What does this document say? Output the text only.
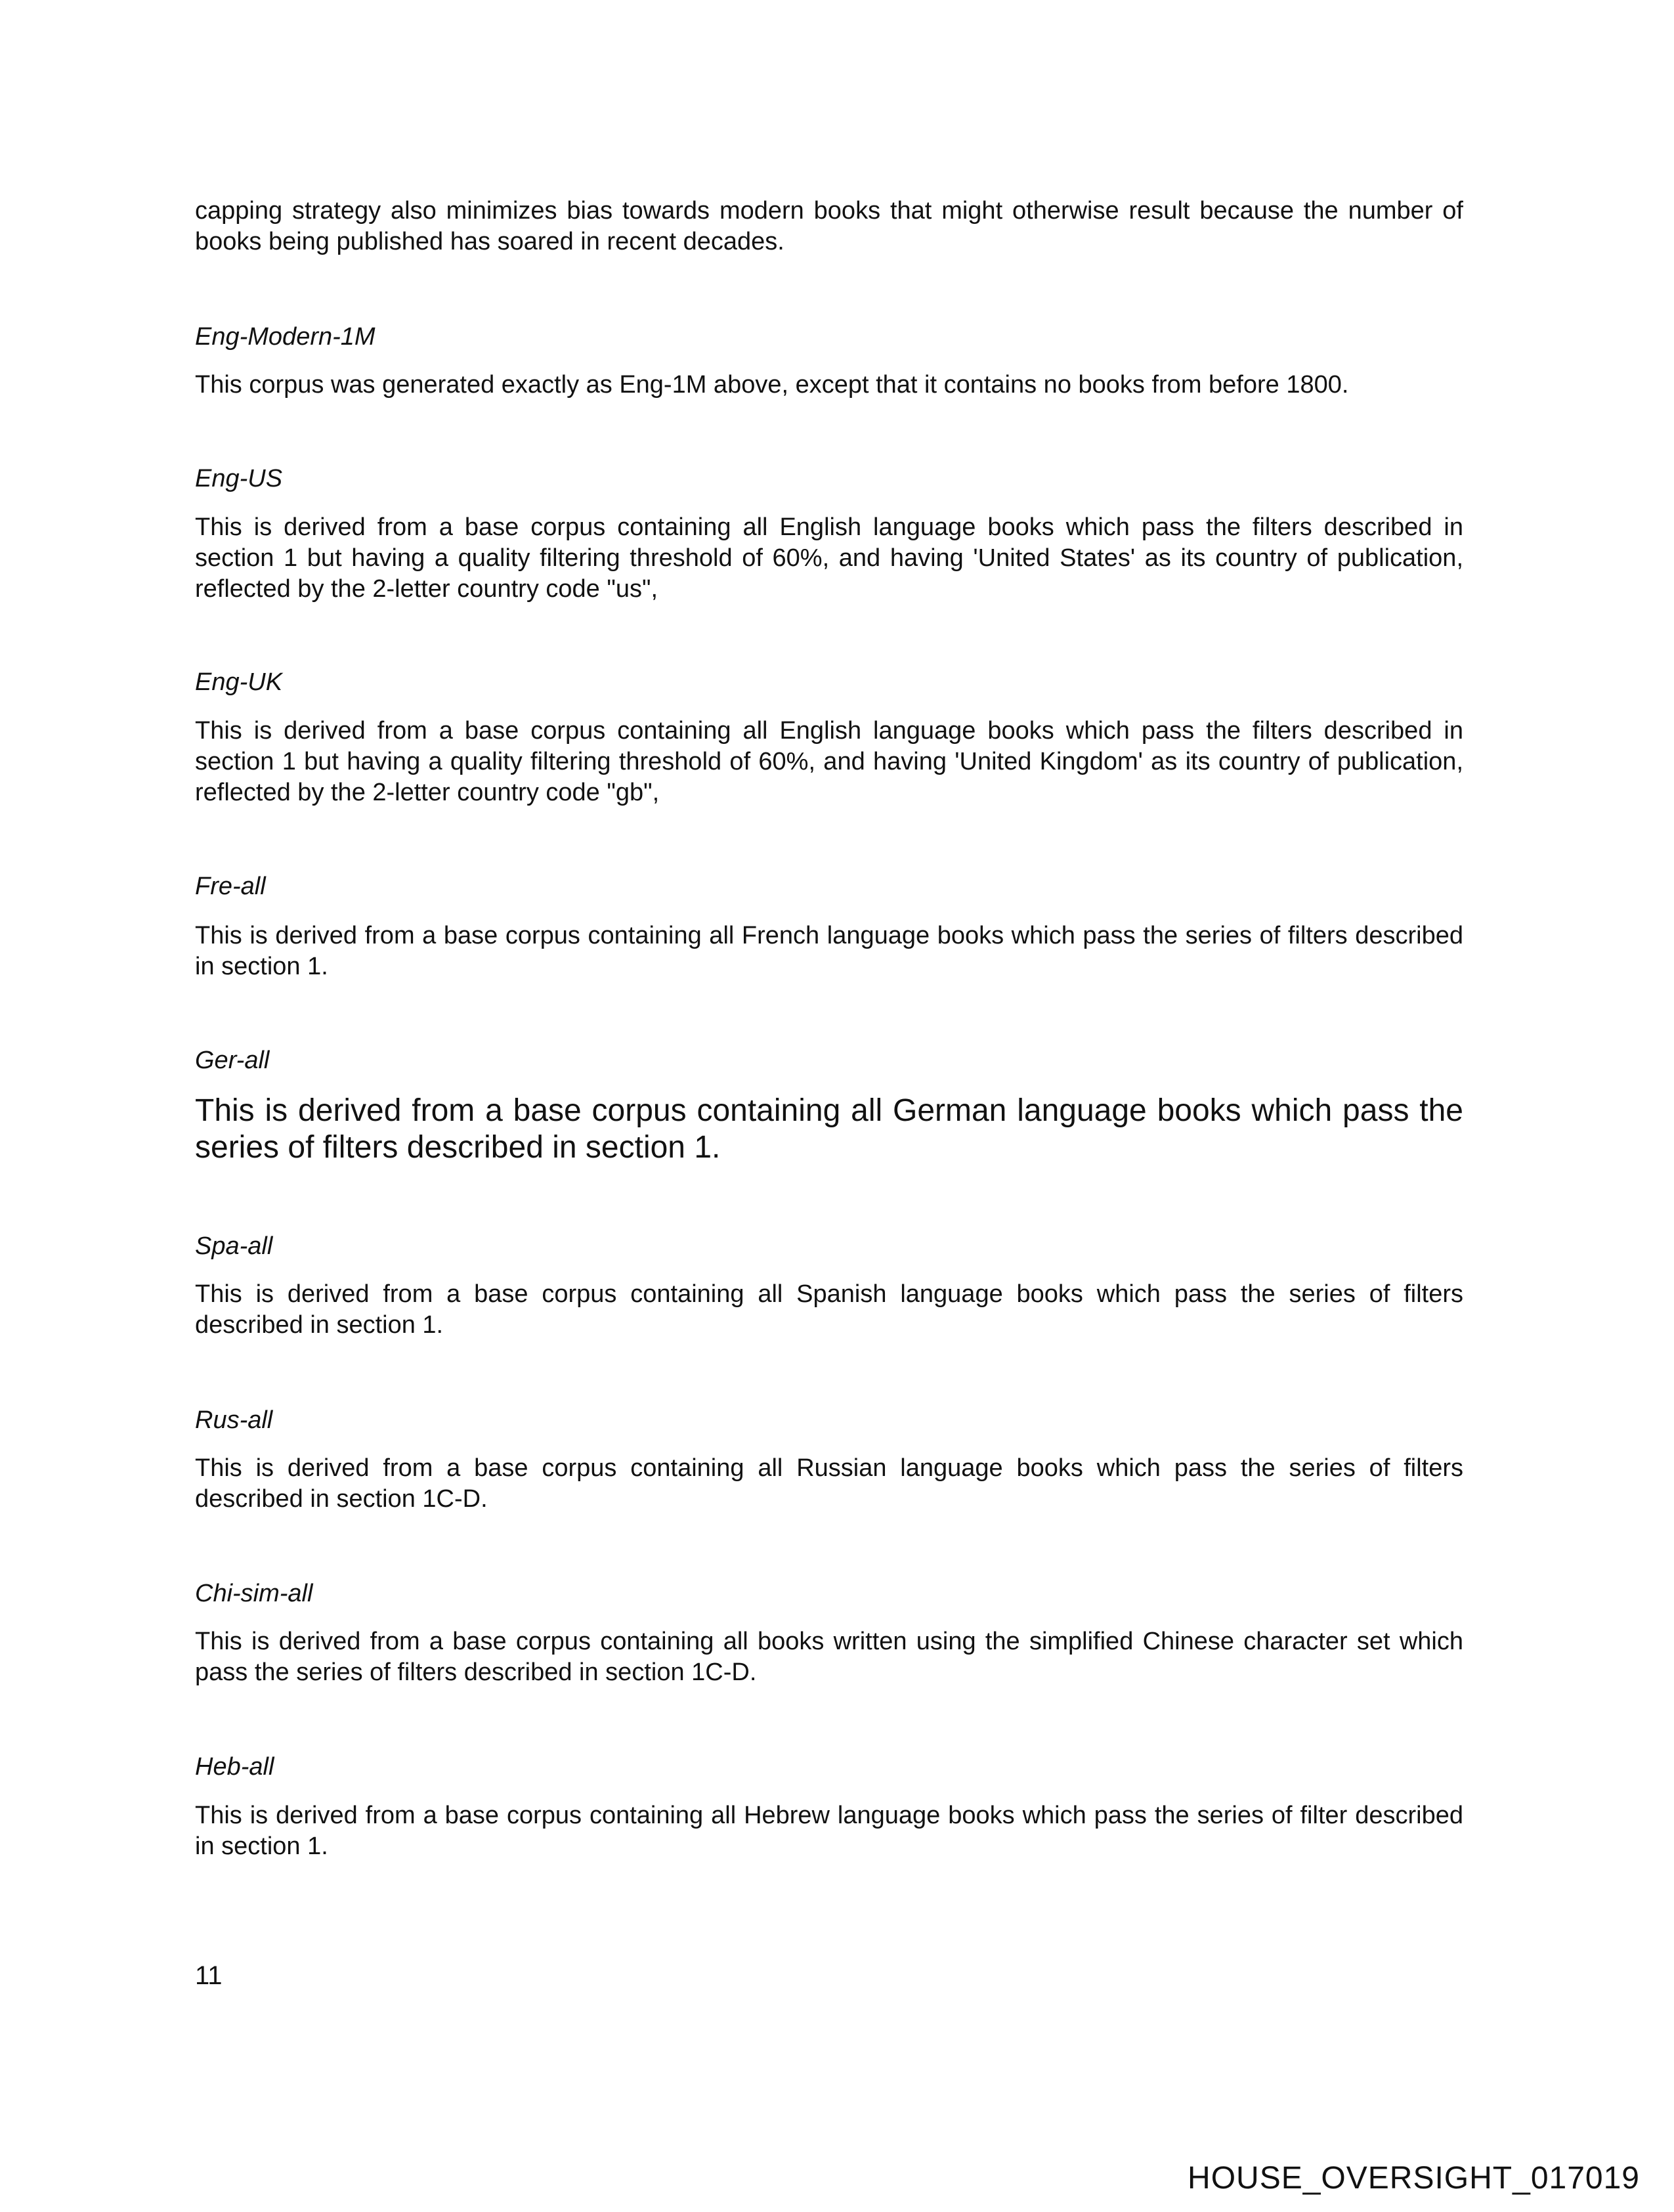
capping strategy also minimizes bias towards modern books that might otherwise result because the number of books being published has soared in recent decades.

Eng-Modern-1M

This corpus was generated exactly as Eng-1M above, except that it contains no books from before 1800.

Eng-US

This is derived from a base corpus containing all English language books which pass the filters described in section 1 but having a quality filtering threshold of 60%, and having 'United States' as its country of publication, reflected by the 2-letter country code "us",

Eng-UK

This is derived from a base corpus containing all English language books which pass the filters described in section 1 but having a quality filtering threshold of 60%, and having 'United Kingdom' as its country of publication, reflected by the 2-letter country code "gb",

Fre-all

This is derived from a base corpus containing all French language books which pass the series of filters described in section 1.

Ger-all

This is derived from a base corpus containing all German language books which pass the series of filters described in section 1.

Spa-all

This is derived from a base corpus containing all Spanish language books which pass the series of filters described in section 1.

Rus-all

This is derived from a base corpus containing all Russian language books which pass the series of filters described in section 1C-D.

Chi-sim-all

This is derived from a base corpus containing all books written using the simplified Chinese character set which pass the series of filters described in section 1C-D.

Heb-all

This is derived from a base corpus containing all Hebrew language books which pass the series of filter described in section 1.

11
HOUSE_OVERSIGHT_017019
